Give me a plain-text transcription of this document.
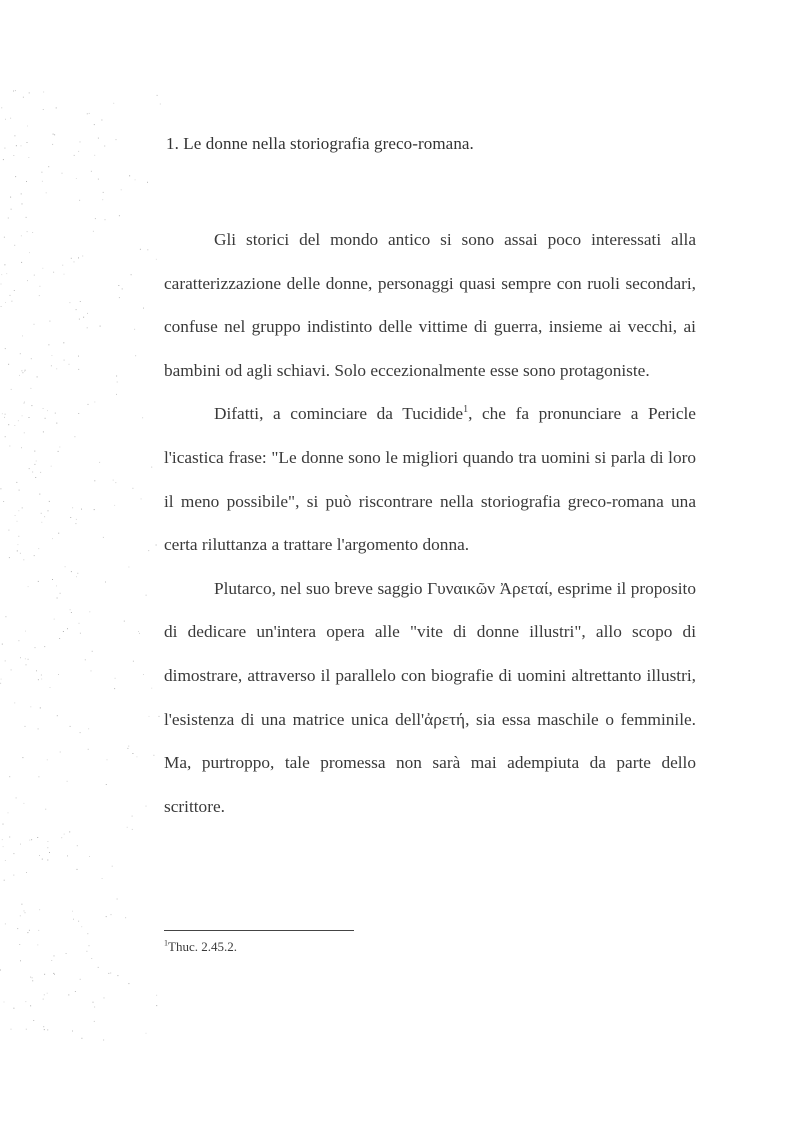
1. Le donne nella storiografia greco-romana.

Gli storici del mondo antico si sono assai poco interessati alla caratterizzazione delle donne, personaggi quasi sempre con ruoli secondari, confuse nel gruppo indistinto delle vittime di guerra, insieme ai vecchi, ai bambini od agli schiavi. Solo eccezionalmente esse sono protagoniste.

Difatti, a cominciare da Tucidide$^1$, che fa pronunciare a Pericle l'icastica frase: "Le donne sono le migliori quando tra uomini si parla di loro il meno possibile", si può riscontrare nella storiografia greco-romana una certa riluttanza a trattare l'argomento donna.

Plutarco, nel suo breve saggio Γυναικῶν Ἀρεταί, esprime il proposito di dedicare un'intera opera alle "vite di donne illustri", allo scopo di dimostrare, attraverso il parallelo con biografie di uomini altrettanto illustri, l'esistenza di una matrice unica dell'ἀρετή, sia essa maschile o femminile. Ma, purtroppo, tale promessa non sarà mai adempiuta da parte dello scrittore.

$^1$Thuc. 2.45.2.
